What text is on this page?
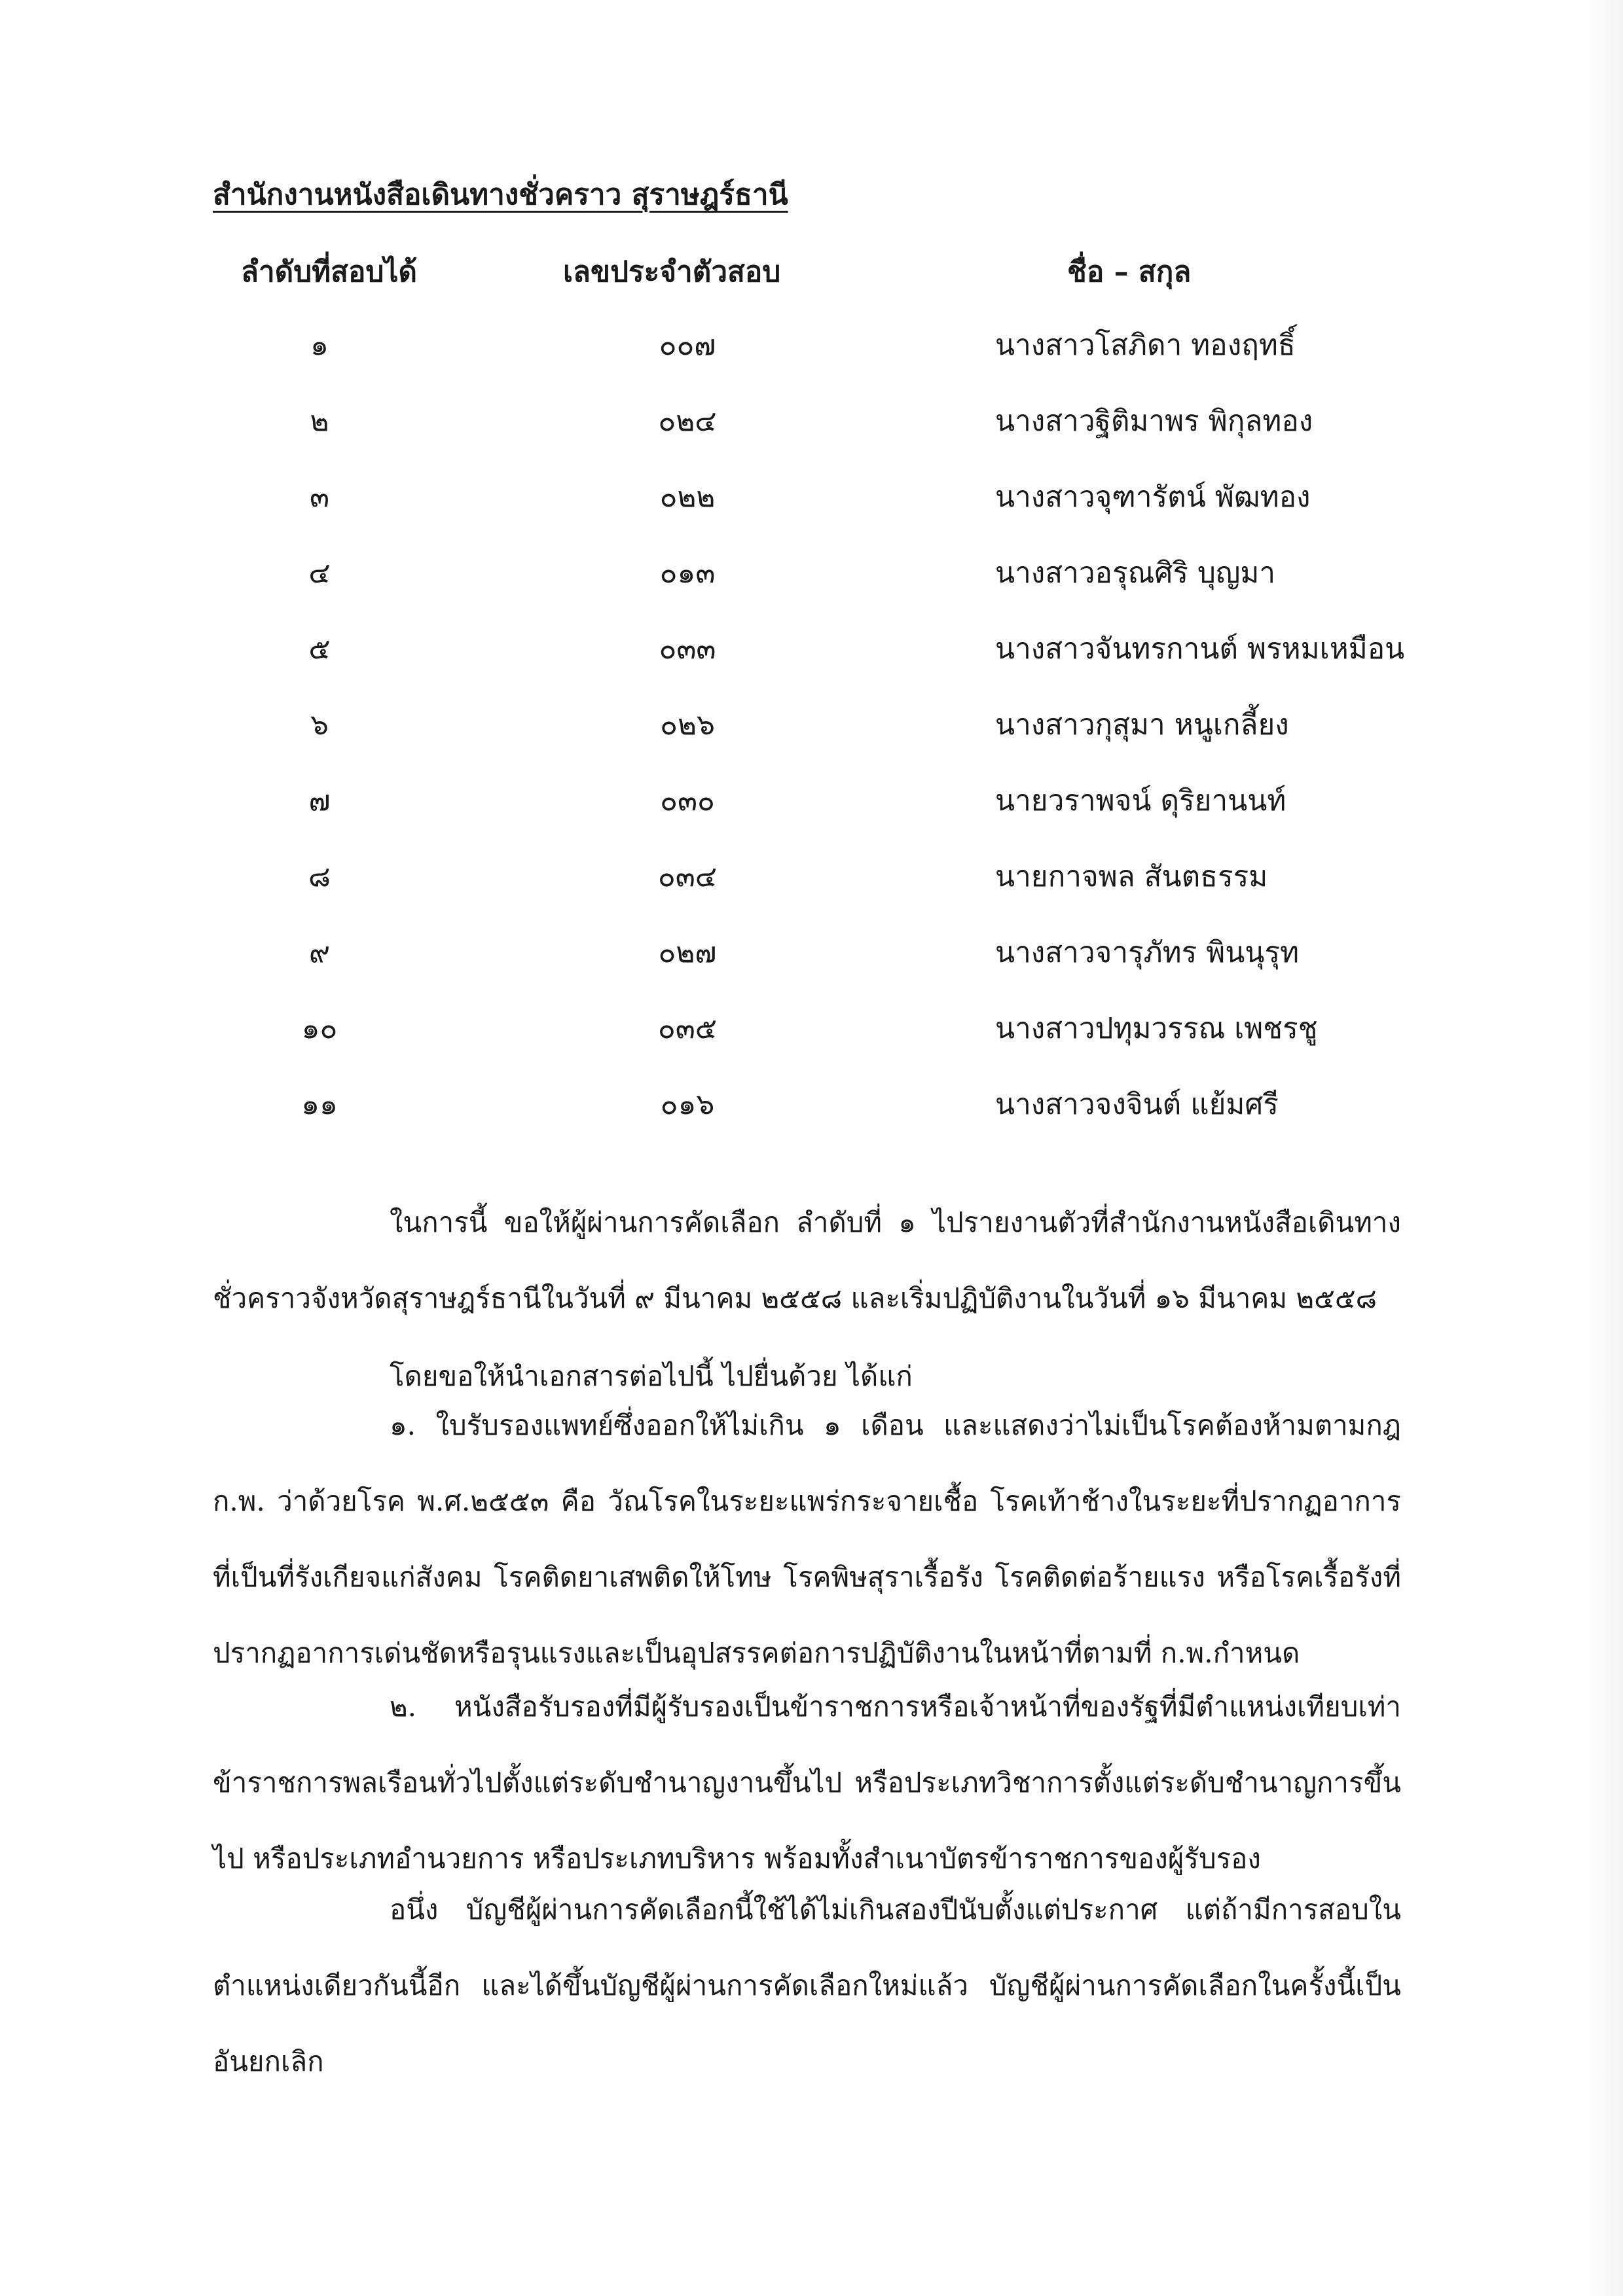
สำนักงานหนังสือเดินทางชั่วคราว สุราษฎร์ธานี
ลำดับที่สอบได้	เลขประจำตัวสอบ	ชื่อ – สกุล
๑	๐๐๗	นางสาวโสภิดา ทองฤทธิ์
๒	๐๒๔	นางสาวฐิติมาพร พิกุลทอง
๓	๐๒๒	นางสาวจุฑารัตน์ พัฒทอง
๔	๐๑๓	นางสาวอรุณศิริ บุญมา
๕	๐๓๓	นางสาวจันทรกานต์ พรหมเหมือน
๖	๐๒๖	นางสาวกุสุมา หนูเกลี้ยง
๗	๐๓๐	นายวราพจน์ ดุริยานนท์
๘	๐๓๔	นายกาจพล สันตธรรม
๙	๐๒๗	นางสาวจารุภัทร พินนุรุท
๑๐	๐๓๕	นางสาวปทุมวรรณ เพชรชู
๑๑	๐๑๖	นางสาวจงจินต์ แย้มศรี
ในการนี้ ขอให้ผู้ผ่านการคัดเลือก ลำดับที่ ๑ ไปรายงานตัวที่สำนักงานหนังสือเดินทางชั่วคราวจังหวัดสุราษฎร์ธานีในวันที่ ๙ มีนาคม ๒๕๕๘ และเริ่มปฏิบัติงานในวันที่ ๑๖ มีนาคม ๒๕๕๘
โดยขอให้นำเอกสารต่อไปนี้ ไปยื่นด้วย ได้แก่
๑. ใบรับรองแพทย์ซึ่งออกให้ไม่เกิน ๑ เดือน และแสดงว่าไม่เป็นโรคต้องห้ามตามกฎ ก.พ. ว่าด้วยโรค พ.ศ.๒๕๕๓ คือ วัณโรคในระยะแพร่กระจายเชื้อ โรคเท้าช้างในระยะที่ปรากฏอาการที่เป็นที่รังเกียจแก่สังคม โรคติดยาเสพติดให้โทษ โรคพิษสุราเรื้อรัง โรคติดต่อร้ายแรง หรือโรคเรื้อรังที่ปรากฏอาการเด่นชัดหรือรุนแรงและเป็นอุปสรรคต่อการปฏิบัติงานในหน้าที่ตามที่ ก.พ.กำหนด
๒. หนังสือรับรองที่มีผู้รับรองเป็นข้าราชการหรือเจ้าหน้าที่ของรัฐที่มีตำแหน่งเทียบเท่าข้าราชการพลเรือนทั่วไปตั้งแต่ระดับชำนาญงานขึ้นไป หรือประเภทวิชาการตั้งแต่ระดับชำนาญการขึ้นไป หรือประเภทอำนวยการ หรือประเภทบริหาร พร้อมทั้งสำเนาบัตรข้าราชการของผู้รับรอง
อนึ่ง บัญชีผู้ผ่านการคัดเลือกนี้ใช้ได้ไม่เกินสองปีนับตั้งแต่ประกาศ แต่ถ้ามีการสอบในตำแหน่งเดียวกันนี้อีก และได้ขึ้นบัญชีผู้ผ่านการคัดเลือกใหม่แล้ว บัญชีผู้ผ่านการคัดเลือกในครั้งนี้เป็นอันยกเลิก
